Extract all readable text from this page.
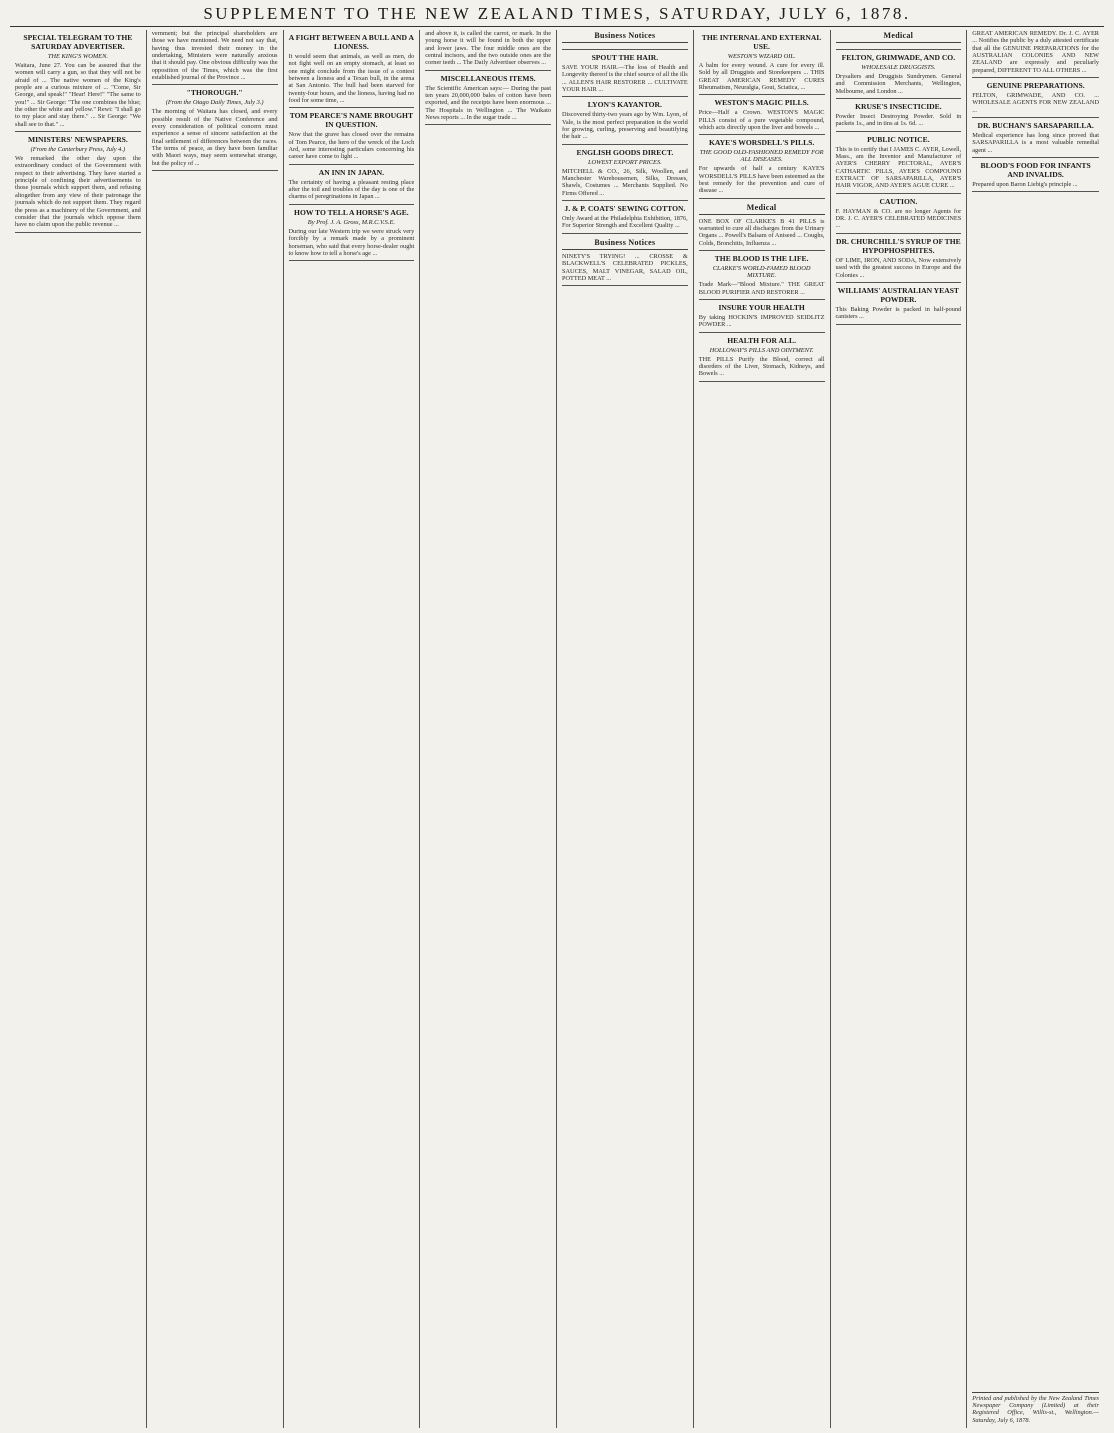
SUPPLEMENT TO THE NEW ZEALAND TIMES, SATURDAY, JULY 6, 1878.
SPECIAL TELEGRAM TO THE SATURDAY ADVERTISER.
THE KING'S WOMEN.
Waitara, June 27. You can be assured that the women will carry a gun, so that they will not be afraid of ... The native women of the King's people are a curious mixture of ... "Come, Sir George, and speak!" "Hear! Here!" "The same to you!" ... Sir George: "The one combines the blue; the other the white and yellow." Rewi: "I shall go to my place and stay there." ... Sir George: "We shall see to that." ...
MINISTERS' NEWSPAPERS.
(From the Canterbury Press, July 4.)
We remarked the other day upon the extraordinary conduct of the Government with respect to their advertising. They have started a principle of confining their advertisements to those journals which support them, and refusing altogether from any view of their patronage the journals which do not support them. They regard the press as a machinery of the Government, and consider that the journals which oppose them have no claim upon the public revenue ...
vernment; but the principal shareholders are those we have mentioned. We need not say that, having thus invested their money in the undertaking, Ministers were naturally anxious that it should pay. One obvious difficulty was the opposition of the Times, which was the first established journal of the Province ...
"THOROUGH."
(From the Otago Daily Times, July 3.)
The morning of Waitara has closed, and every possible result of the Native Conference and every consideration of political concern must experience a sense of sincere satisfaction at the final settlement of differences between the races. The terms of peace, as they have been familiar with Maori ways, may seem somewhat strange, but the policy of ...
A FIGHT BETWEEN A BULL AND A LIONESS.
It would seem that animals, as well as men, do not fight well on an empty stomach, at least so one might conclude from the issue of a contest between a lioness and a Texan bull, in the arena at San Antonio. The bull had been starved for twenty-four hours, and the lioness, having had no food for some time, ...
TOM PEARCE'S NAME BROUGHT IN QUESTION.
Now that the grave has closed over the remains of Tom Pearce, the hero of the wreck of the Loch Ard, some interesting particulars concerning his career have come to light ...
AN INN IN JAPAN.
The certainty of having a pleasant resting place after the toil and troubles of the day is one of the charms of peregrinations in Japan ...
HOW TO TELL A HORSE'S AGE.
By Prof. J. A. Gross, M.R.C.V.S.E.
During our late Western trip we were struck very forcibly by a remark made by a prominent horseman, who said that every horse-dealer ought to know how to tell a horse's age ...
and above it, is called the carrot, or mark. In the young horse it will be found in both the upper and lower jaws. The four middle ones are the central incisors, and the two outside ones are the corner teeth ... The Daily Advertiser observes ...
MISCELLANEOUS ITEMS.
The Scientific American says:— During the past ten years 20,000,000 bales of cotton have been exported, and the receipts have been enormous ... The Hospitals in Wellington ... The Waikato News reports ... In the sugar trade ...
Business Notices
SPOUT THE HAIR.
SAVE YOUR HAIR.—The loss of Health and Longevity thereof is the chief source of all the ills ... ALLEN'S HAIR RESTORER ... CULTIVATE YOUR HAIR ...
LYON'S KAYANTOR.
Discovered thirty-two years ago by Wm. Lyon, of Vale, is the most perfect preparation in the world for growing, curling, preserving and beautifying the hair ...
ENGLISH GOODS DIRECT.
LOWEST EXPORT PRICES.
MITCHELL & CO., 26, Silk, Woollen, and Manchester Warehousemen, Silks, Dresses, Shawls, Costumes ... Merchants Supplied. No Firms Offered ...
J. & P. COATS' SEWING COTTON.
Only Award at the Philadelphia Exhibition, 1876, For Superior Strength and Excellent Quality ...
Business Notices
NINETY'S TRYING! ... CROSSE & BLACKWELL'S CELEBRATED PICKLES, SAUCES, MALT VINEGAR, SALAD OIL, POTTED MEAT ...
THE INTERNAL AND EXTERNAL USE.
WESTON'S WIZARD OIL.
A balm for every wound. A cure for every ill. Sold by all Druggists and Storekeepers ... THIS GREAT AMERICAN REMEDY CURES Rheumatism, Neuralgia, Gout, Sciatica, ...
WESTON'S MAGIC PILLS.
Price—Half a Crown. WESTON'S MAGIC PILLS consist of a pure vegetable compound, which acts directly upon the liver and bowels ...
KAYE'S WORSDELL'S PILLS.
THE GOOD OLD-FASHIONED REMEDY FOR ALL DISEASES.
For upwards of half a century KAYE'S WORSDELL'S PILLS have been esteemed as the best remedy for the prevention and cure of disease ...
Medical
ONE BOX OF CLARKE'S B 41 PILLS is warranted to cure all discharges from the Urinary Organs ... Powell's Balsam of Aniseed ... Coughs, Colds, Bronchitis, Influenza ...
THE BLOOD IS THE LIFE.
CLARKE'S WORLD-FAMED BLOOD MIXTURE.
Trade Mark—"Blood Mixture." THE GREAT BLOOD PURIFIER AND RESTORER ...
INSURE YOUR HEALTH
By taking HOCKIN'S IMPROVED SEIDLITZ POWDER ...
HEALTH FOR ALL.
HOLLOWAY'S PILLS AND OINTMENT.
THE PILLS Purify the Blood, correct all disorders of the Liver, Stomach, Kidneys, and Bowels ...
Medical
FELTON, GRIMWADE, AND CO.
WHOLESALE DRUGGISTS.
Drysalters and Druggists Sundrymen. General and Commission Merchants, Wellington, Melbourne, and London ...
KRUSE'S INSECTICIDE.
Powder Insect Destroying Powder. Sold in packets 1s., and in tins at 1s. 6d. ...
PUBLIC NOTICE.
This is to certify that I JAMES C. AYER, Lowell, Mass., am the Inventor and Manufacturer of AYER'S CHERRY PECTORAL, AYER'S CATHARTIC PILLS, AYER'S COMPOUND EXTRACT OF SARSAPARILLA, AYER'S HAIR VIGOR, AND AYER'S AGUE CURE ...
CAUTION.
F. HAYMAN & CO. are no longer Agents for DR. J. C. AYER'S CELEBRATED MEDICINES ...
DR. CHURCHILL'S SYRUP OF THE HYPOPHOSPHITES.
OF LIME, IRON, AND SODA, Now extensively used with the greatest success in Europe and the Colonies ...
WILLIAMS' AUSTRALIAN YEAST POWDER.
This Baking Powder is packed in half-pound canisters ...
GREAT AMERICAN REMEDY. Dr. J. C. AYER ... Notifies the public by a duly attested certificate that all the GENUINE PREPARATIONS for the AUSTRALIAN COLONIES AND NEW ZEALAND are expressly and peculiarly prepared, DIFFERENT TO ALL OTHERS ...
GENUINE PREPARATIONS.
FELTON, GRIMWADE, AND CO. ... WHOLESALE AGENTS FOR NEW ZEALAND ...
DR. BUCHAN'S SARSAPARILLA.
Medical experience has long since proved that SARSAPARILLA is a most valuable remedial agent ...
BLOOD'S FOOD FOR INFANTS AND INVALIDS.
Prepared upon Baron Liebig's principle ...
Printed and published by the New Zealand Times Newspaper Company (Limited) at their Registered Office, Willis-st., Wellington.—Saturday, July 6, 1878.
